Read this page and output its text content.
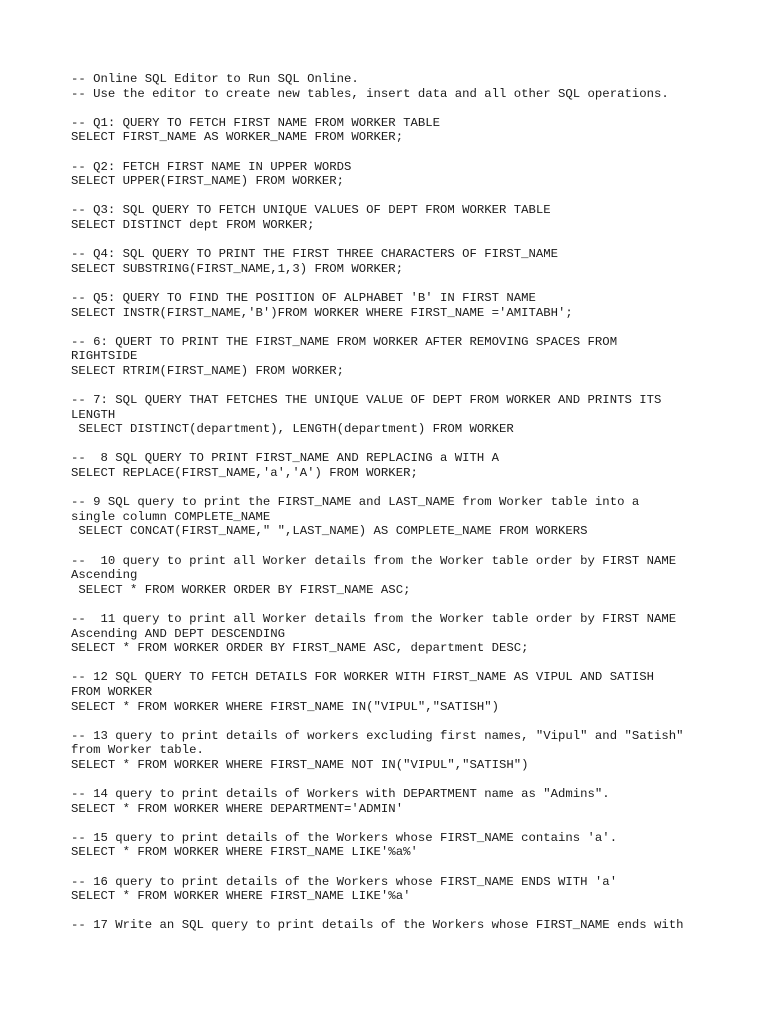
-- Online SQL Editor to Run SQL Online.
-- Use the editor to create new tables, insert data and all other SQL operations.
-- Q1: QUERY TO FETCH FIRST NAME FROM WORKER TABLE
SELECT FIRST_NAME AS WORKER_NAME FROM WORKER;
-- Q2: FETCH FIRST NAME IN UPPER WORDS
SELECT UPPER(FIRST_NAME) FROM WORKER;
-- Q3: SQL QUERY TO FETCH UNIQUE VALUES OF DEPT FROM WORKER TABLE
SELECT DISTINCT dept FROM WORKER;
-- Q4: SQL QUERY TO PRINT THE FIRST THREE CHARACTERS OF FIRST_NAME
SELECT SUBSTRING(FIRST_NAME,1,3) FROM WORKER;
-- Q5: QUERY TO FIND THE POSITION OF ALPHABET 'B' IN FIRST NAME
SELECT INSTR(FIRST_NAME,'B')FROM WORKER WHERE FIRST_NAME ='AMITABH';
-- 6: QUERT TO PRINT THE FIRST_NAME FROM WORKER AFTER REMOVING SPACES FROM
RIGHTSIDE
SELECT RTRIM(FIRST_NAME) FROM WORKER;
-- 7: SQL QUERY THAT FETCHES THE UNIQUE VALUE OF DEPT FROM WORKER AND PRINTS ITS
LENGTH
SELECT DISTINCT(department), LENGTH(department) FROM WORKER
--  8 SQL QUERY TO PRINT FIRST_NAME AND REPLACING a WITH A
SELECT REPLACE(FIRST_NAME,'a','A') FROM WORKER;
-- 9 SQL query to print the FIRST_NAME and LAST_NAME from Worker table into a
single column COMPLETE_NAME
SELECT CONCAT(FIRST_NAME," ",LAST_NAME) AS COMPLETE_NAME FROM WORKERS
--  10 query to print all Worker details from the Worker table order by FIRST NAME
Ascending
SELECT * FROM WORKER ORDER BY FIRST_NAME ASC;
--  11 query to print all Worker details from the Worker table order by FIRST NAME
Ascending AND DEPT DESCENDING
SELECT * FROM WORKER ORDER BY FIRST_NAME ASC, department DESC;
-- 12 SQL QUERY TO FETCH DETAILS FOR WORKER WITH FIRST_NAME AS VIPUL AND SATISH
FROM WORKER
SELECT * FROM WORKER WHERE FIRST_NAME IN("VIPUL","SATISH")
-- 13 query to print details of workers excluding first names, "Vipul" and "Satish"
from Worker table.
SELECT * FROM WORKER WHERE FIRST_NAME NOT IN("VIPUL","SATISH")
-- 14 query to print details of Workers with DEPARTMENT name as "Admins".
SELECT * FROM WORKER WHERE DEPARTMENT='ADMIN'
-- 15 query to print details of the Workers whose FIRST_NAME contains 'a'.
SELECT * FROM WORKER WHERE FIRST_NAME LIKE'%a%'
-- 16 query to print details of the Workers whose FIRST_NAME ENDS WITH 'a'
SELECT * FROM WORKER WHERE FIRST_NAME LIKE'%a'
-- 17 Write an SQL query to print details of the Workers whose FIRST_NAME ends with
